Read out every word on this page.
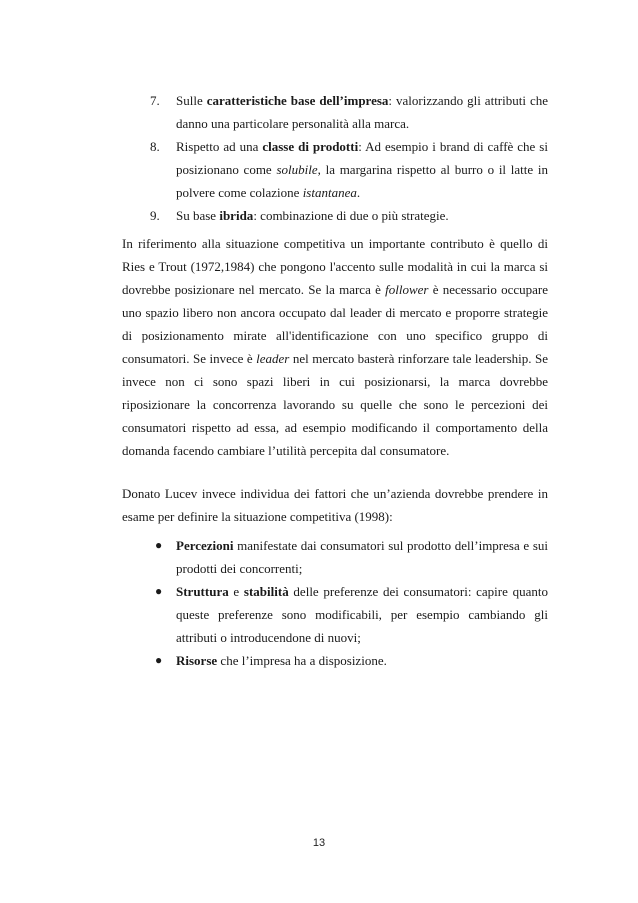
7. Sulle caratteristiche base dell’impresa: valorizzando gli attributi che danno una particolare personalità alla marca.

8. Rispetto ad una classe di prodotti: Ad esempio i brand di caffè che si posizionano come solubile, la margarina rispetto al burro o il latte in polvere come colazione istantanea.

9. Su base ibrida: combinazione di due o più strategie.

In riferimento alla situazione competitiva un importante contributo è quello di Ries e Trout (1972,1984) che pongono l'accento sulle modalità in cui la marca si dovrebbe posizionare nel mercato. Se la marca è follower è necessario occupare uno spazio libero non ancora occupato dal leader di mercato e proporre strategie di posizionamento mirate all'identificazione con uno specifico gruppo di consumatori. Se invece è leader nel mercato basterà rinforzare tale leadership. Se invece non ci sono spazi liberi in cui posizionarsi, la marca dovrebbe riposizionare la concorrenza lavorando su quelle che sono le percezioni dei consumatori rispetto ad essa, ad esempio modificando il comportamento della domanda facendo cambiare l’utilità percepita dal consumatore.

Donato Lucev invece individua dei fattori che un’azienda dovrebbe prendere in esame per definire la situazione competitiva (1998):

● Percezioni manifestate dai consumatori sul prodotto dell’impresa e sui prodotti dei concorrenti;

● Struttura e stabilità delle preferenze dei consumatori: capire quanto queste preferenze sono modificabili, per esempio cambiando gli attributi o introducendone di nuovi;

● Risorse che l’impresa ha a disposizione.

13
